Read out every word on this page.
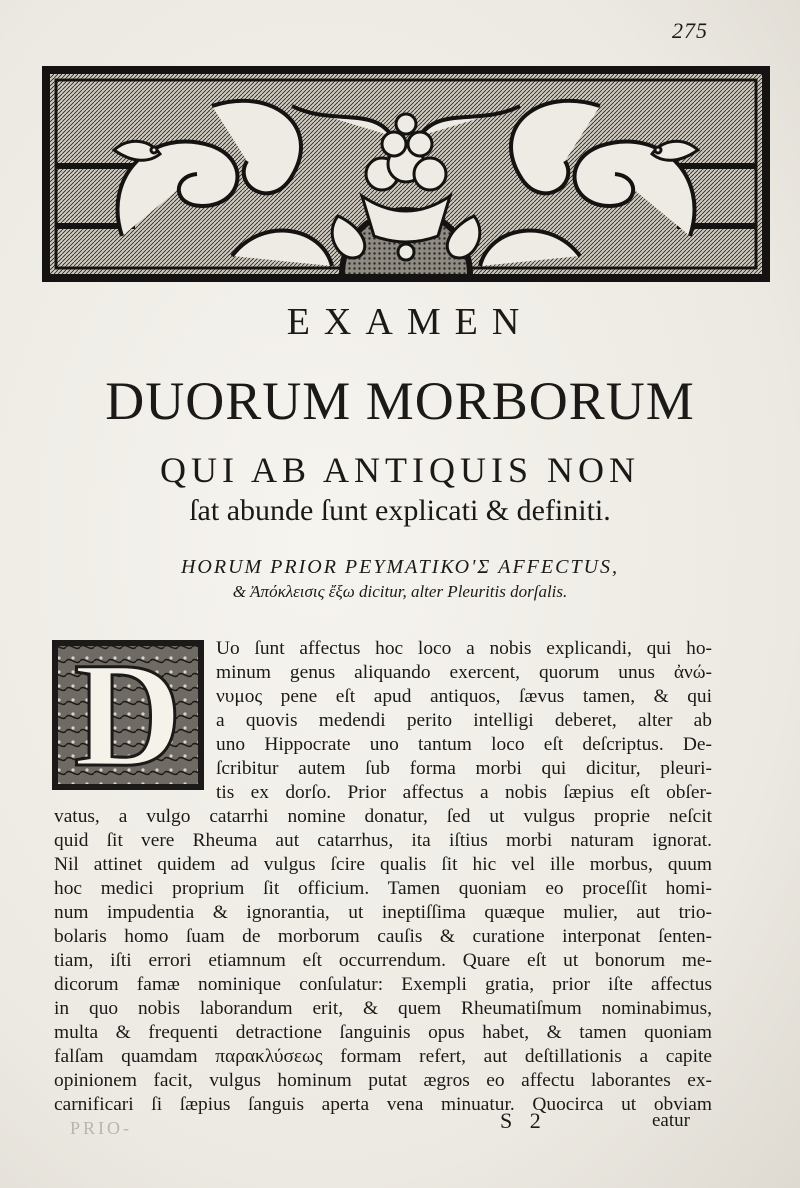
275
EXAMEN
DUORUM MORBORUM
QUI AB ANTIQUIS NON
ſat abunde ſunt explicati & definiti.
HORUM PRIOR ΡΕΥΜΑΤΙΚΟ'Σ AFFECTUS,
& Ἀπόκλεισις ἔξω dicitur, alter Pleuritis dorſalis.
D	Uo ſunt affectus hoc loco a nobis explicandi, qui ho-
minum genus aliquando exercent, quorum unus ἀνώ-
νυμος pene eſt apud antiquos, ſævus tamen, & qui
a quovis medendi perito intelligi deberet, alter ab
uno Hippocrate uno tantum loco eſt deſcriptus. De-
ſcribitur autem ſub forma morbi qui dicitur, pleuri-
tis ex dorſo. Prior affectus a nobis ſæpius eſt obſer-
vatus, a vulgo catarrhi nomine donatur, ſed ut vulgus proprie neſcit
quid ſit vere Rheuma aut catarrhus, ita iſtius morbi naturam ignorat.
Nil attinet quidem ad vulgus ſcire qualis ſit hic vel ille morbus, quum
hoc medici proprium ſit officium. Tamen quoniam eo proceſſit homi-
num impudentia & ignorantia, ut ineptiſſima quæque mulier, aut trio-
bolaris homo ſuam de morborum cauſis & curatione interponat ſenten-
tiam, iſti errori etiamnum eſt occurrendum. Quare eſt ut bonorum me-
dicorum famæ nominique conſulatur: Exempli gratia, prior iſte affectus
in quo nobis laborandum erit, & quem Rheumatiſmum nominabimus,
multa & frequenti detractione ſanguinis opus habet, & tamen quoniam
falſam quamdam παρακλύσεως formam refert, aut deſtillationis a capite
opinionem facit, vulgus hominum putat ægros eo affectu laborantes ex-
carnificari ſi ſæpius ſanguis aperta vena minuatur. Quocirca ut obviam
PRIO-	S 2	eatur
